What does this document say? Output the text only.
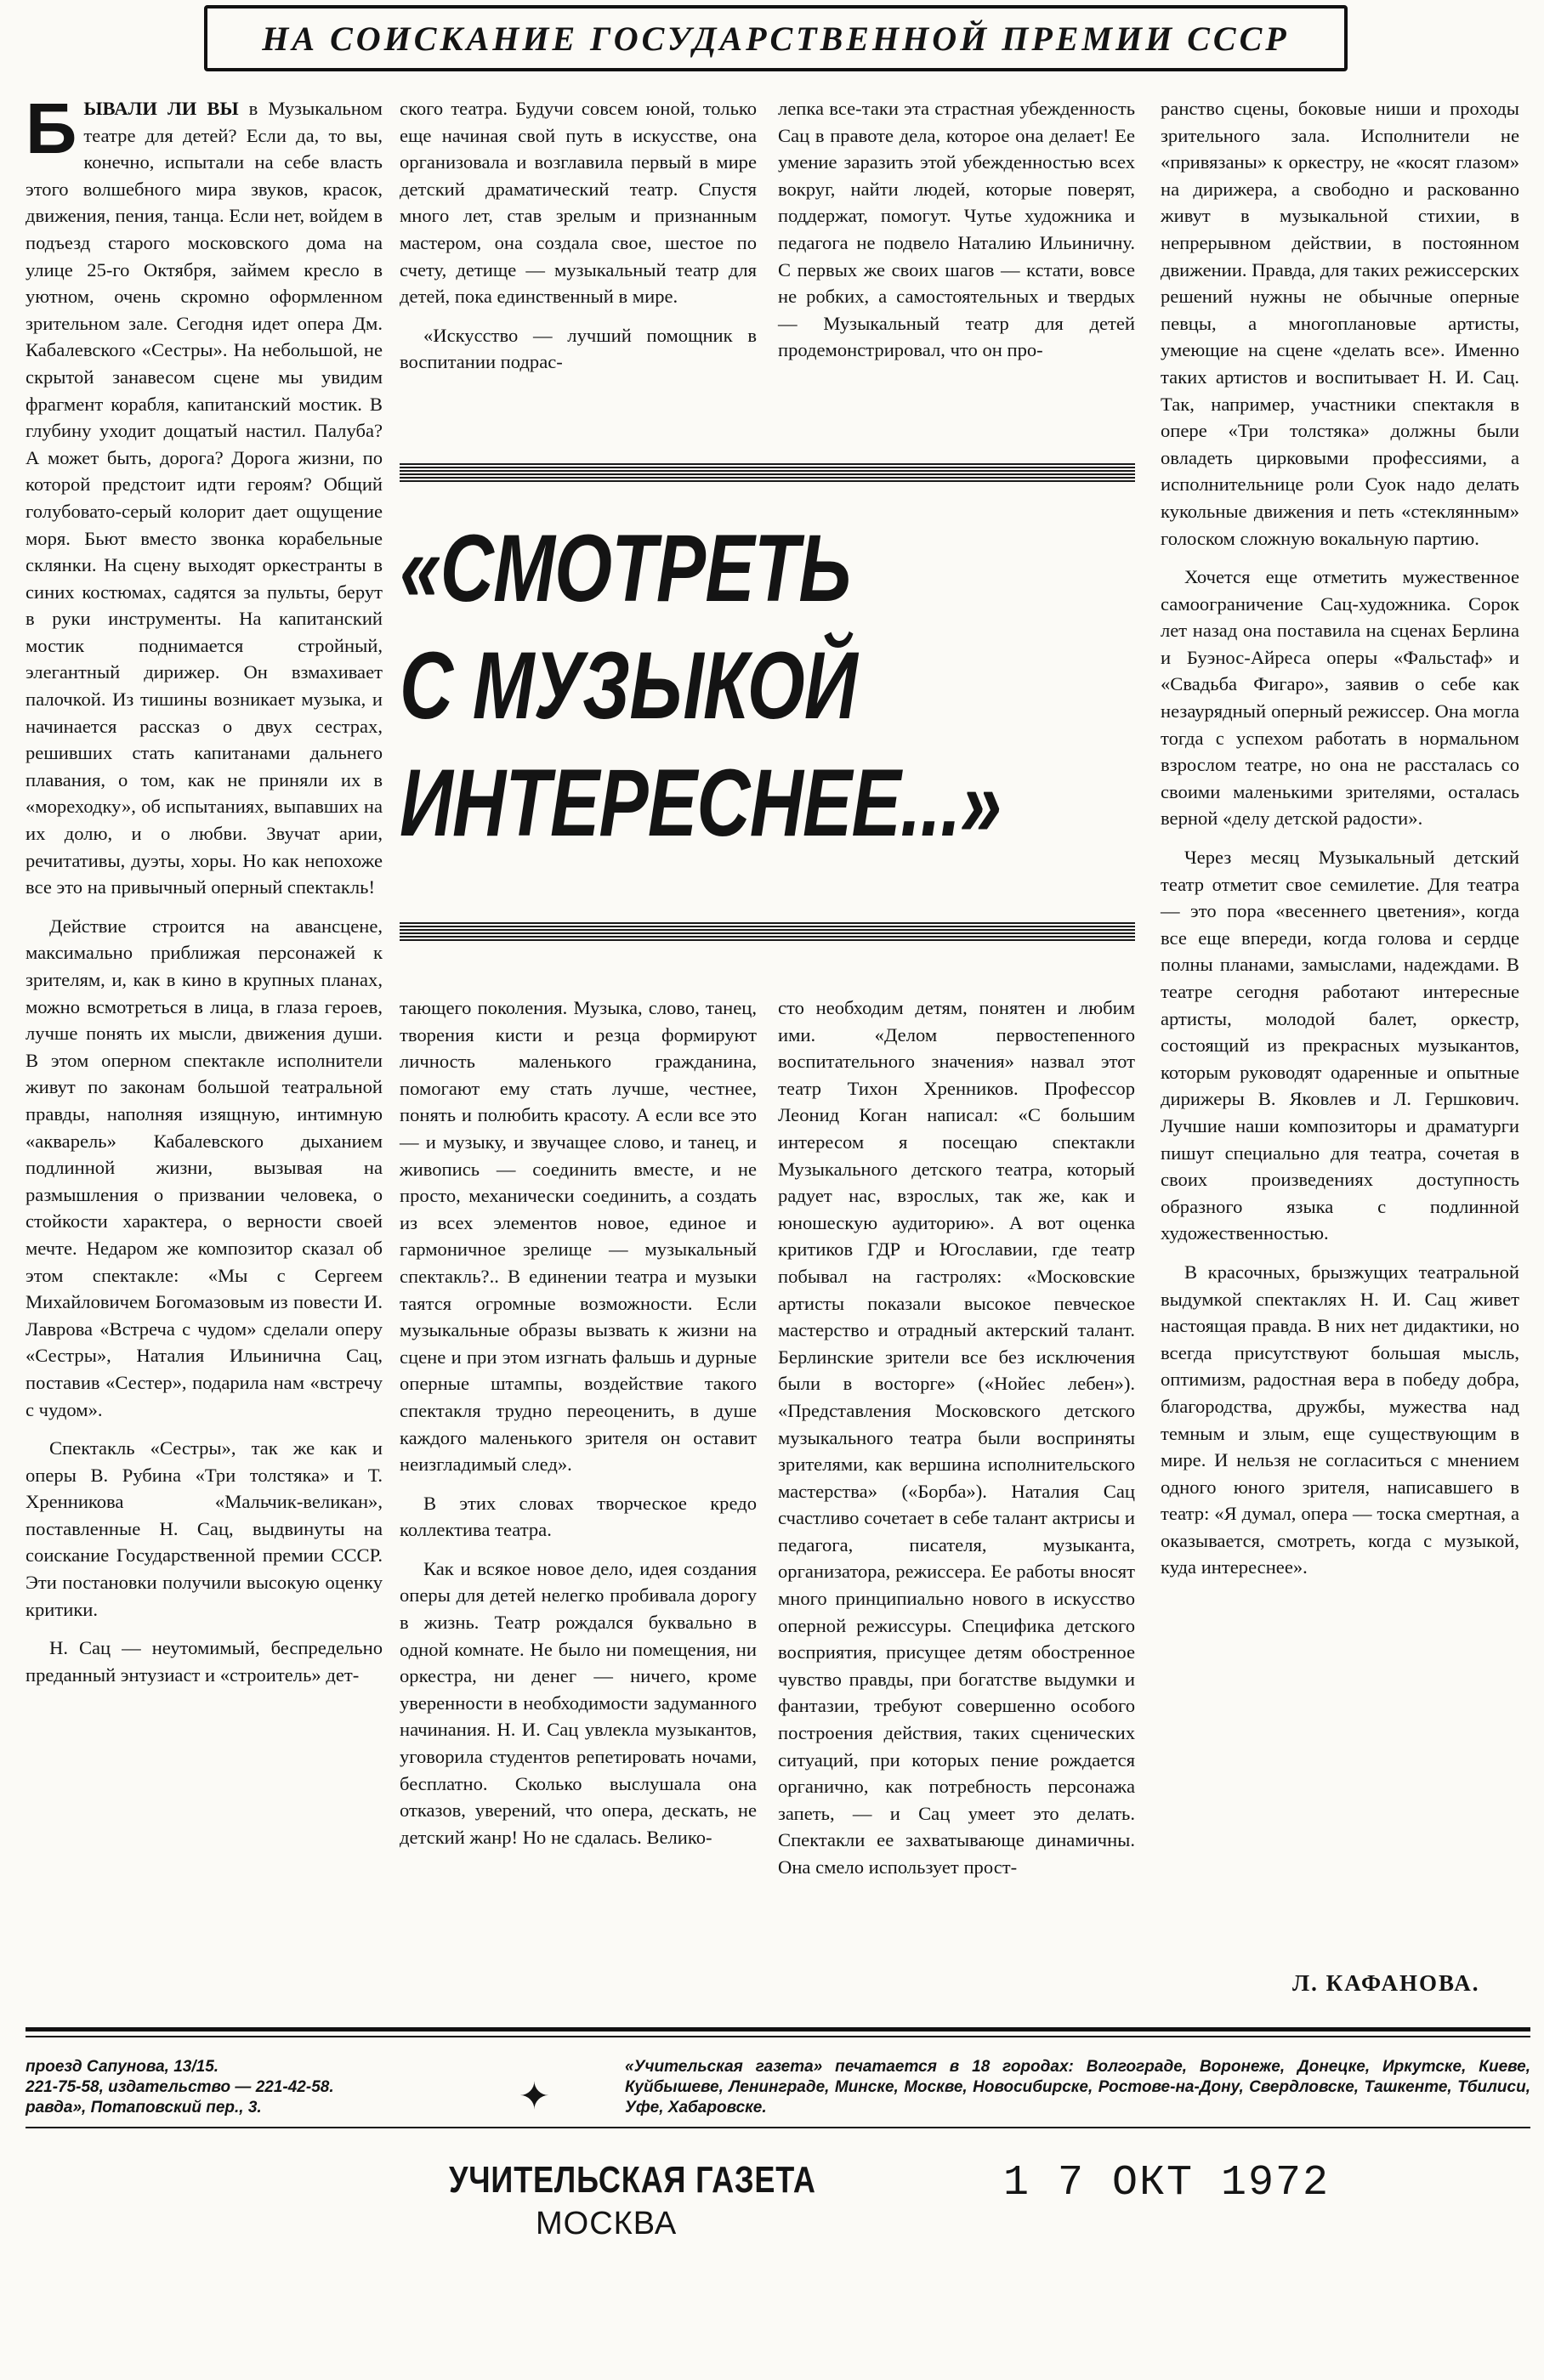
НА СОИСКАНИЕ ГОСУДАРСТВЕННОЙ ПРЕМИИ СССР

БЫВАЛИ ЛИ ВЫ в Музыкальном театре для детей? Если да, то вы, конечно, испытали на себе власть этого волшебного мира звуков, красок, движения, пения, танца. Если нет, войдем в подъезд старого московского дома на улице 25-го Октября, займем кресло в уютном, очень скромно оформленном зрительном зале. Сегодня идет опера Дм. Кабалевского «Сестры». На небольшой, не скрытой занавесом сцене мы увидим фрагмент корабля, капитанский мостик. В глубину уходит дощатый настил. Палуба? А может быть, дорога? Дорога жизни, по которой предстоит идти героям? Общий голубовато-серый колорит дает ощущение моря. Бьют вместо звонка корабельные склянки. На сцену выходят оркестранты в синих костюмах, садятся за пульты, берут в руки инструменты. На капитанский мостик поднимается стройный, элегантный дирижер. Он взмахивает палочкой. Из тишины возникает музыка, и начинается рассказ о двух сестрах, решивших стать капитанами дальнего плавания, о том, как не приняли их в «мореходку», об испытаниях, выпавших на их долю, и о любви. Звучат арии, речитативы, дуэты, хоры. Но как непохоже все это на привычный оперный спектакль!

Действие строится на авансцене, максимально приближая персонажей к зрителям, и, как в кино в крупных планах, можно всмотреться в лица, в глаза героев, лучше понять их мысли, движения души. В этом оперном спектакле исполнители живут по законам большой театральной правды, наполняя изящную, интимную «акварель» Кабалевского дыханием подлинной жизни, вызывая на размышления о призвании человека, о стойкости характера, о верности своей мечте. Недаром же композитор сказал об этом спектакле: «Мы с Сергеем Михайловичем Богомазовым из повести И. Лаврова «Встреча с чудом» сделали оперу «Сестры», Наталия Ильинична Сац, поставив «Сестер», подарила нам «встречу с чудом».

Спектакль «Сестры», так же как и оперы В. Рубина «Три толстяка» и Т. Хренникова «Мальчик-великан», поставленные Н. Сац, выдвинуты на соискание Государственной премии СССР. Эти постановки получили высокую оценку критики.

Н. Сац — неутомимый, беспредельно преданный энтузиаст и «строитель» дет-

ского театра. Будучи совсем юной, только еще начиная свой путь в искусстве, она организовала и возглавила первый в мире детский драматический театр. Спустя многo лет, став зрелым и признанным мастером, она создала свое, шестое по счету, детище — музыкальный театр для детей, пока единственный в мире.

«Искусство — лучший помощник в воспитании подрас-

лепка все-таки эта страстная убежденность Сац в правоте дела, которое она делает! Ее умение заразить этой убежденностью всех вокруг, найти людей, которые поверят, поддержат, помогут. Чутье художника и педагога не подвело Наталию Ильиничну. С первых же своих шагов — кстати, вовсе не робких, а самостоятельных и твердых — Музыкальный театр для детей продемонстрировал, что он про-

«СМОТРЕТЬ
С МУЗЫКОЙ
ИНТЕРЕСНЕЕ...»

тающего поколения. Музыка, слово, танец, творения кисти и резца формируют личность маленького гражданина, помогают ему стать лучше, честнее, понять и полюбить красоту. А если все это — и музыку, и звучащее слово, и танец, и живопись — соединить вместе, и не просто, механически соединить, а создать из всех элементов новое, единое и гармоничное зрелище — музыкальный спектакль?.. В единении театра и музыки таятся огромные возможности. Если музыкальные образы вызвать к жизни на сцене и при этом изгнать фальшь и дурные оперные штампы, воздействие такого спектакля трудно переоценить, в душе каждого маленького зрителя он оставит неизгладимый след».

В этих словах творческое кредо коллектива театра.

Как и всякое новое дело, идея создания оперы для детей нелегко пробивала дорогу в жизнь. Театр рождался буквально в одной комнате. Не было ни помещения, ни оркестра, ни денег — ничего, кроме уверенности в необходимости задуманного начинания. Н. И. Сац увлекла музыкантов, уговорила студентов репетировать ночами, бесплатно. Сколько выслушала она отказов, уверений, что опера, дескать, не детский жанр! Но не сдалась. Велико-

сто необходим детям, понятен и любим ими. «Делом первостепенного воспитательного значения» назвал этот театр Тихон Хренников. Профессор Леонид Коган написал: «С большим интересом я посещаю спектакли Музыкального детского театра, который радует нас, взрослых, так же, как и юношескую аудиторию». А вот оценка критиков ГДР и Югославии, где театр побывал на гастролях: «Московские артисты показали высокое певческое мастерство и отрадный актерский талант. Берлинские зрители все без исключения были в восторге» («Нойес лебен»). «Представления Московского детского музыкального театра были восприняты зрителями, как вершина исполнительского мастерства» («Борба»). Наталия Сац счастливо сочетает в себе талант актрисы и педагога, писателя, музыканта, организатора, режиссера. Ее работы вносят много принципиально нового в искусство оперной режиссуры. Специфика детского восприятия, присущее детям обостренное чувство правды, при богатстве выдумки и фантазии, требуют совершенно особого построения действия, таких сценических ситуаций, при которых пение рождается органично, как потребность персонажа запеть, — и Сац умеет это делать. Спектакли ее захватывающе динамичны. Она смело использует прост-

ранство сцены, боковые ниши и проходы зрительного зала. Исполнители не «привязаны» к оркестру, не «косят глазом» на дирижера, а свободно и раскованно живут в музыкальной стихии, в непрерывном действии, в постоянном движении. Правда, для таких режиссерских решений нужны не обычные оперные певцы, а многоплановые артисты, умеющие на сцене «делать все». Именно таких артистов и воспитывает Н. И. Сац. Так, например, участники спектакля в опере «Три толстяка» должны были овладеть цирковыми профессиями, а исполнительнице роли Суок надо делать кукольные движения и петь «стеклянным» голоском сложную вокальную партию.

Хочется еще отметить мужественное самоограничение Сац-художника. Сорок лет назад она поставила на сценах Берлина и Буэнос-Айреса оперы «Фальстаф» и «Свадьба Фигаро», заявив о себе как незаурядный оперный режиссер. Она могла тогда с успехом работать в нормальном взрослом театре, но она не рассталась со своими маленькими зрителями, осталась верной «делу детской радости».

Через месяц Музыкальный детский театр отметит свое семилетие. Для театра — это пора «весеннего цветения», когда все еще впереди, когда голова и сердце полны планами, замыслами, надеждами. В театре сегодня работают интересные артисты, молодой балет, оркестр, состоящий из прекрасных музыкантов, которым руководят одаренные и опытные дирижеры В. Яковлев и Л. Гершкович. Лучшие наши композиторы и драматурги пишут специально для театра, сочетая в своих произведениях доступность образного языка с подлинной художественностью.

В красочных, брызжущих театральной выдумкой спектаклях Н. И. Сац живет настоящая правда. В них нет дидактики, но всегда присутствуют большая мысль, оптимизм, радостная вера в победу добра, благородства, дружбы, мужества над темным и злым, еще существующим в мире. И нельзя не согласиться с мнением одного юного зрителя, написавшего в театр: «Я думал, опера — тоска смертная, а оказывается, смотреть, когда с музыкой, куда интереснее».

Л. КАФАНОВА.
проезд Сапунова, 13/15.
221-75-58, издательство — 221-42-58.
равда», Потаповский пер., 3.	✦
«Учительская газета» печатается в 18 городах: Волгограде, Воронеже, Донецке, Иркутске, Киеве, Куйбышеве, Ленинграде, Минске, Москве, Новосибирске, Ростове-на-Дону, Свердловске, Ташкенте, Тбилиси, Уфе, Хабаровске.
УЧИТЕЛЬСКАЯ ГАЗЕТА
МОСКВА
1 7 ОКТ 1972
